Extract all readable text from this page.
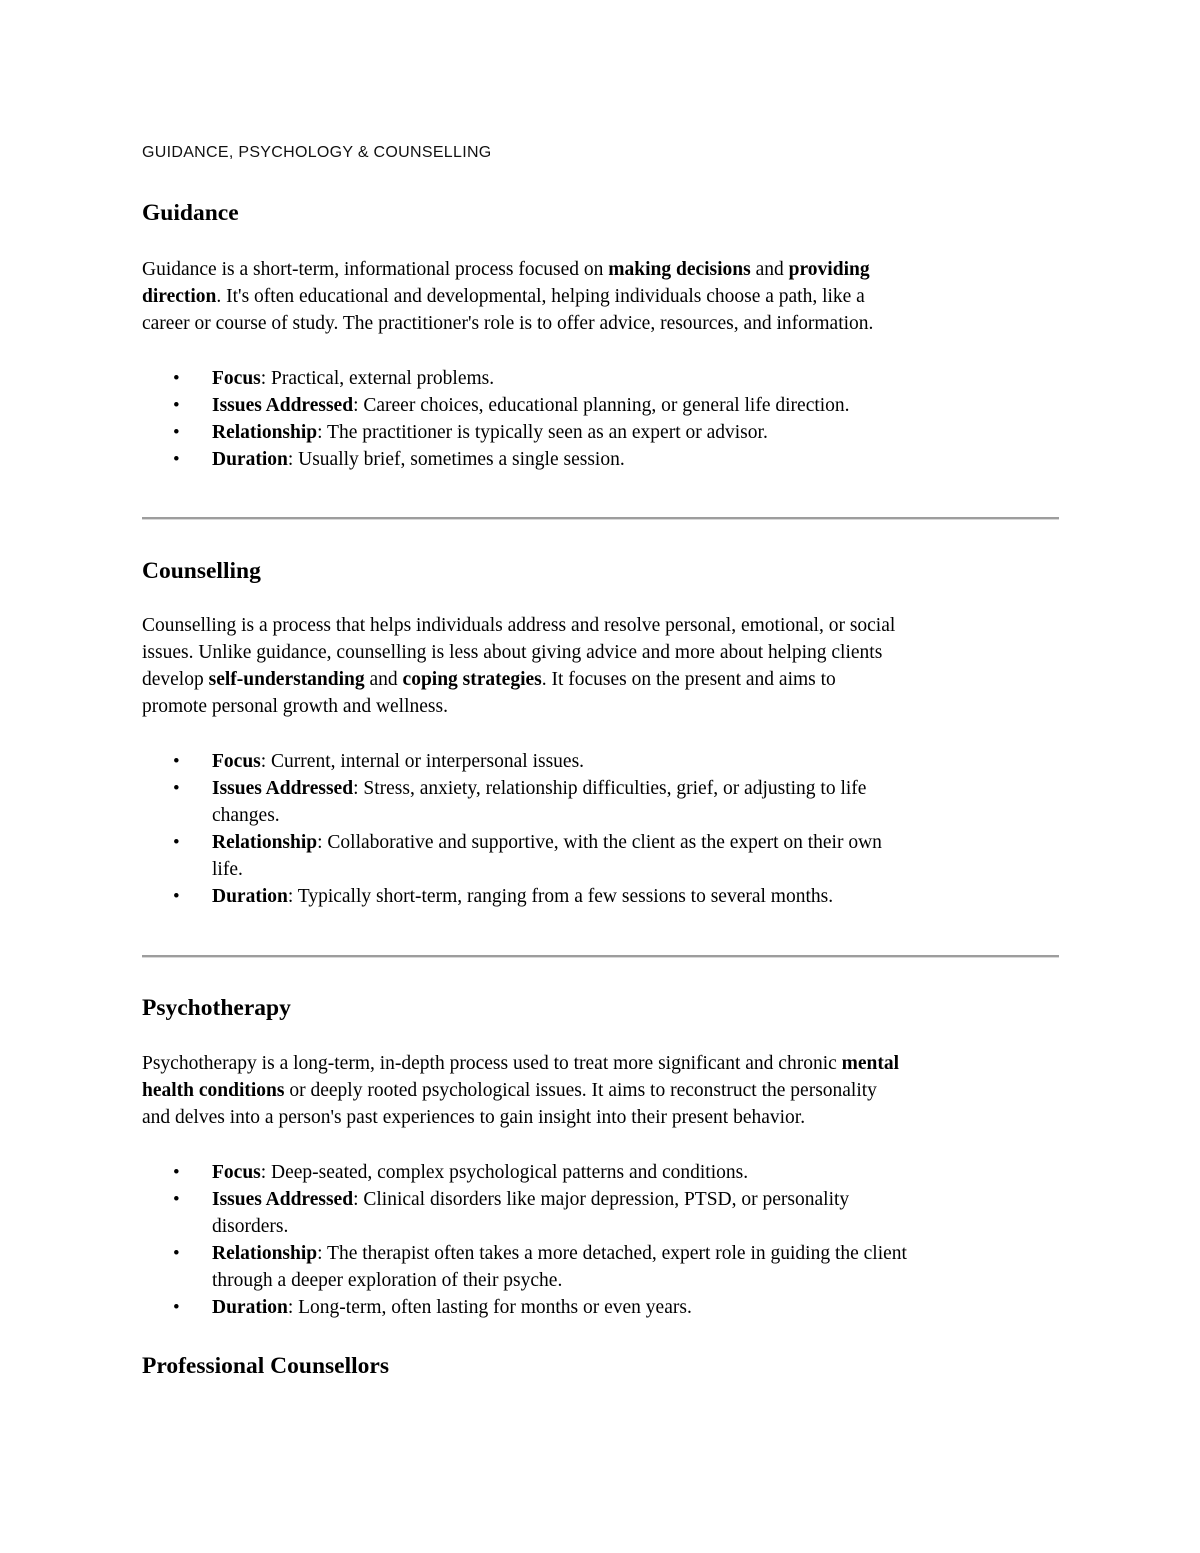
GUIDANCE, PSYCHOLOGY & COUNSELLING
Guidance

Guidance is a short-term, informational process focused on making decisions and providing
direction. It's often educational and developmental, helping individuals choose a path, like a
career or course of study. The practitioner's role is to offer advice, resources, and information.

• Focus: Practical, external problems.
• Issues Addressed: Career choices, educational planning, or general life direction.
• Relationship: The practitioner is typically seen as an expert or advisor.
• Duration: Usually brief, sometimes a single session.
Counselling

Counselling is a process that helps individuals address and resolve personal, emotional, or social
issues. Unlike guidance, counselling is less about giving advice and more about helping clients
develop self-understanding and coping strategies. It focuses on the present and aims to
promote personal growth and wellness.

• Focus: Current, internal or interpersonal issues.
• Issues Addressed: Stress, anxiety, relationship difficulties, grief, or adjusting to life
changes.
• Relationship: Collaborative and supportive, with the client as the expert on their own
life.
• Duration: Typically short-term, ranging from a few sessions to several months.
Psychotherapy

Psychotherapy is a long-term, in-depth process used to treat more significant and chronic mental
health conditions or deeply rooted psychological issues. It aims to reconstruct the personality
and delves into a person's past experiences to gain insight into their present behavior.

• Focus: Deep-seated, complex psychological patterns and conditions.
• Issues Addressed: Clinical disorders like major depression, PTSD, or personality
disorders.
• Relationship: The therapist often takes a more detached, expert role in guiding the client
through a deeper exploration of their psyche.
• Duration: Long-term, often lasting for months or even years.
Professional Counsellors
